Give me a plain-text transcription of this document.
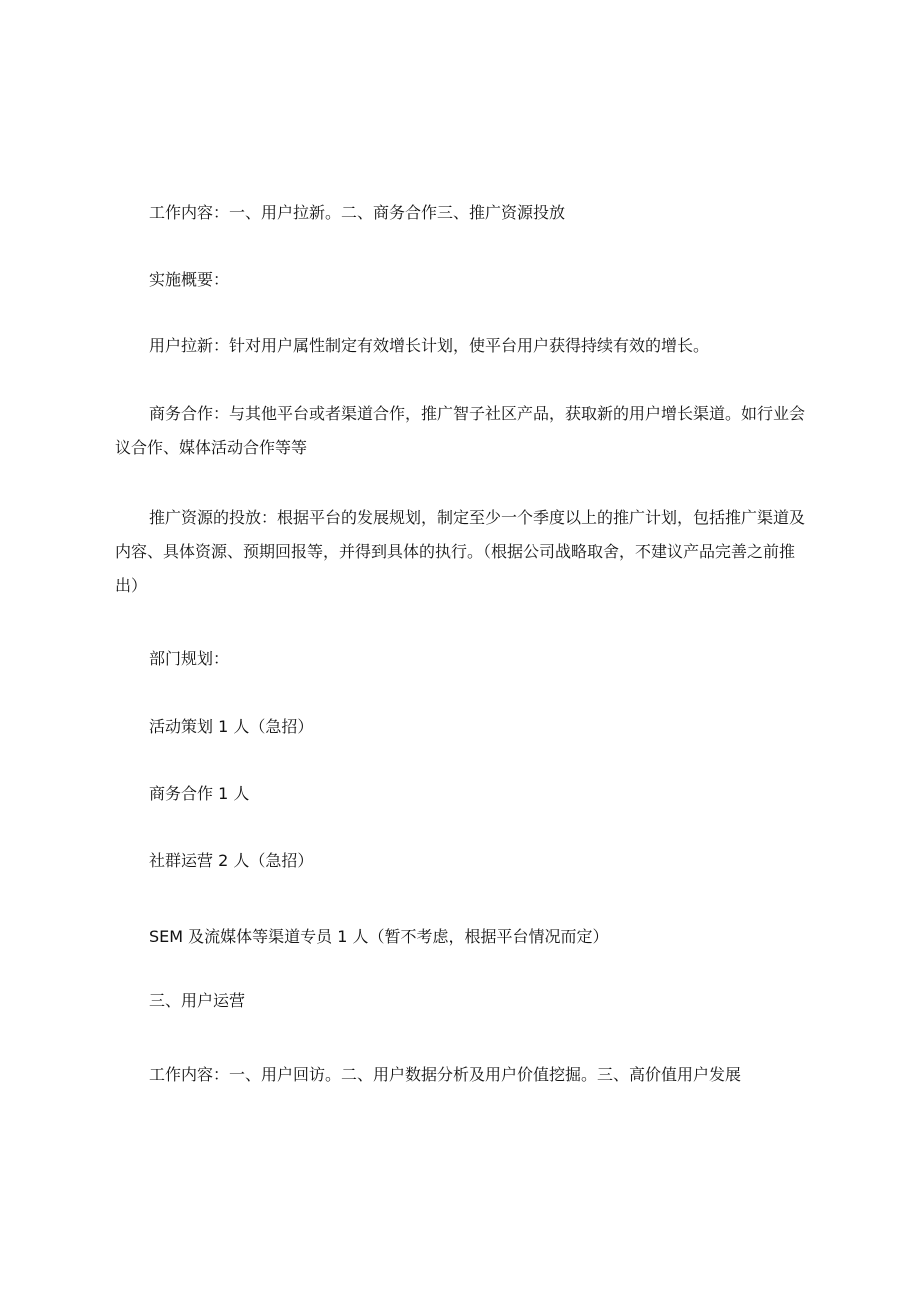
工作内容：一、用户拉新。二、商务合作三、推广资源投放

实施概要：

用户拉新：针对用户属性制定有效增长计划，使平台用户获得持续有效的增长。

商务合作：与其他平台或者渠道合作，推广智子社区产品，获取新的用户增长渠道。如行业会议合作、媒体活动合作等等

推广资源的投放：根据平台的发展规划，制定至少一个季度以上的推广计划，包括推广渠道及内容、具体资源、预期回报等，并得到具体的执行。（根据公司战略取舍，不建议产品完善之前推出）

部门规划：

活动策划 1 人（急招）

商务合作 1 人

社群运营 2 人（急招）

SEM 及流媒体等渠道专员 1 人（暂不考虑，根据平台情况而定）

三、用户运营

工作内容：一、用户回访。二、用户数据分析及用户价值挖掘。三、高价值用户发展
